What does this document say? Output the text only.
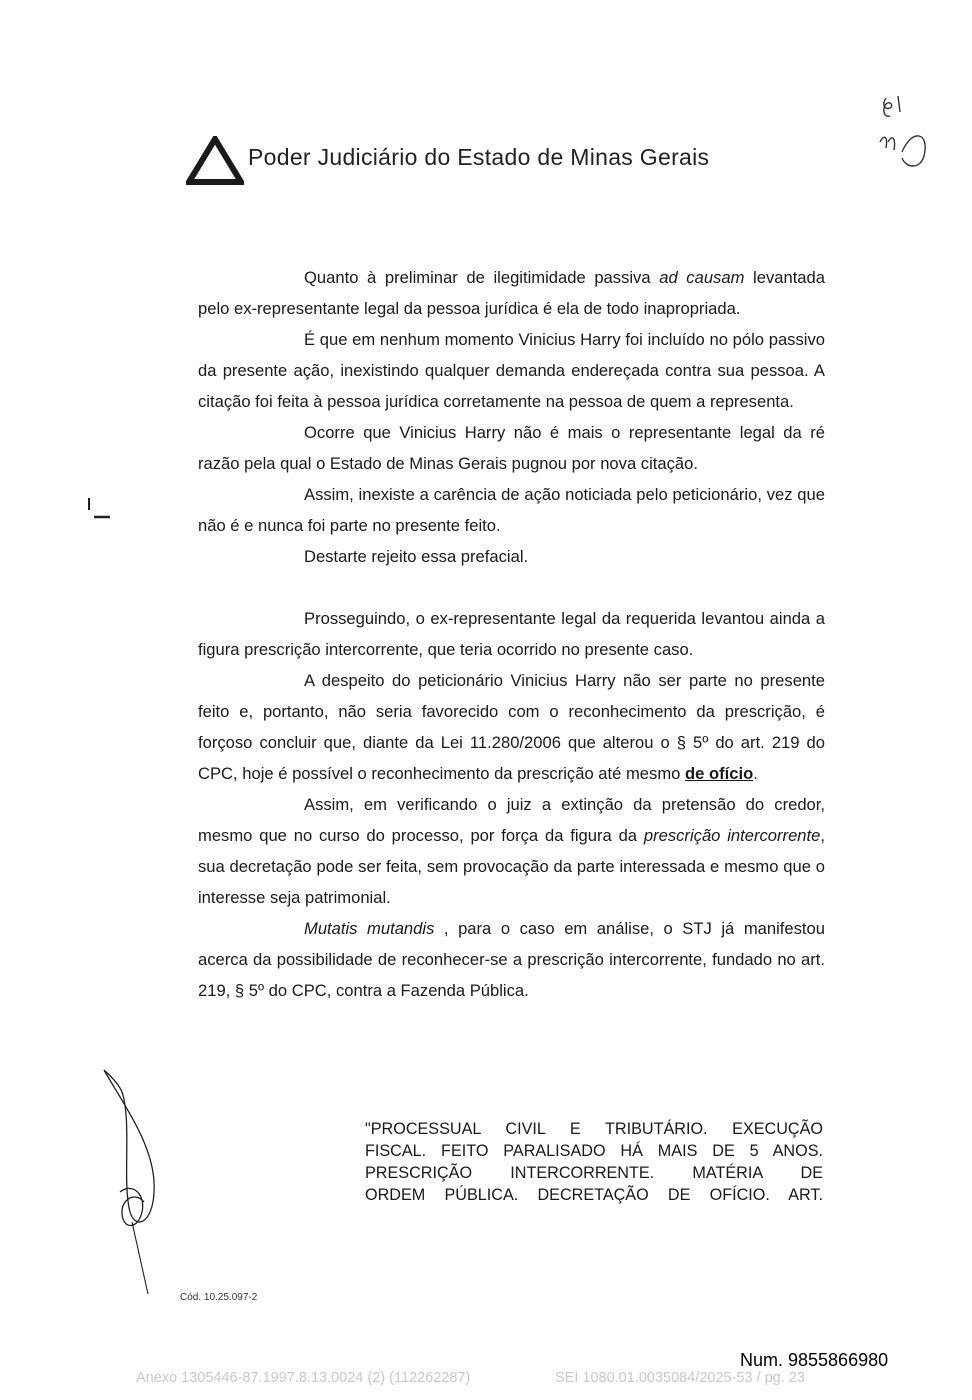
Poder Judiciário do Estado de Minas Gerais

Quanto à preliminar de ilegitimidade passiva ad causam levantada pelo ex-representante legal da pessoa jurídica é ela de todo inapropriada.

É que em nenhum momento Vinicius Harry foi incluído no pólo passivo da presente ação, inexistindo qualquer demanda endereçada contra sua pessoa. A citação foi feita à pessoa jurídica corretamente na pessoa de quem a representa.

Ocorre que Vinicius Harry não é mais o representante legal da ré razão pela qual o Estado de Minas Gerais pugnou por nova citação.

Assim, inexiste a carência de ação noticiada pelo peticionário, vez que não é e nunca foi parte no presente feito.

Destarte rejeito essa prefacial.

Prosseguindo, o ex-representante legal da requerida levantou ainda a figura prescrição intercorrente, que teria ocorrido no presente caso.

A despeito do peticionário Vinicius Harry não ser parte no presente feito e, portanto, não seria favorecido com o reconhecimento da prescrição, é forçoso concluir que, diante da Lei 11.280/2006 que alterou o § 5º do art. 219 do CPC, hoje é possível o reconhecimento da prescrição até mesmo de ofício.

Assim, em verificando o juiz a extinção da pretensão do credor, mesmo que no curso do processo, por força da figura da prescrição intercorrente, sua decretação pode ser feita, sem provocação da parte interessada e mesmo que o interesse seja patrimonial.

Mutatis mutandis , para o caso em análise, o STJ já manifestou acerca da possibilidade de reconhecer-se a prescrição intercorrente, fundado no art. 219, § 5º do CPC, contra a Fazenda Pública.

"PROCESSUAL CIVIL E TRIBUTÁRIO. EXECUÇÃO
FISCAL. FEITO PARALISADO HÁ MAIS DE 5 ANOS.
PRESCRIÇÃO INTERCORRENTE. MATÉRIA DE
ORDEM PÚBLICA. DECRETAÇÃO DE OFÍCIO. ART.
Cód. 10.25.097-2
Num. 9855866980
Anexo 1305446-87.1997.8.13.0024 (2) (112262287)	SEI 1080.01.0035084/2025-53 / pg. 23
